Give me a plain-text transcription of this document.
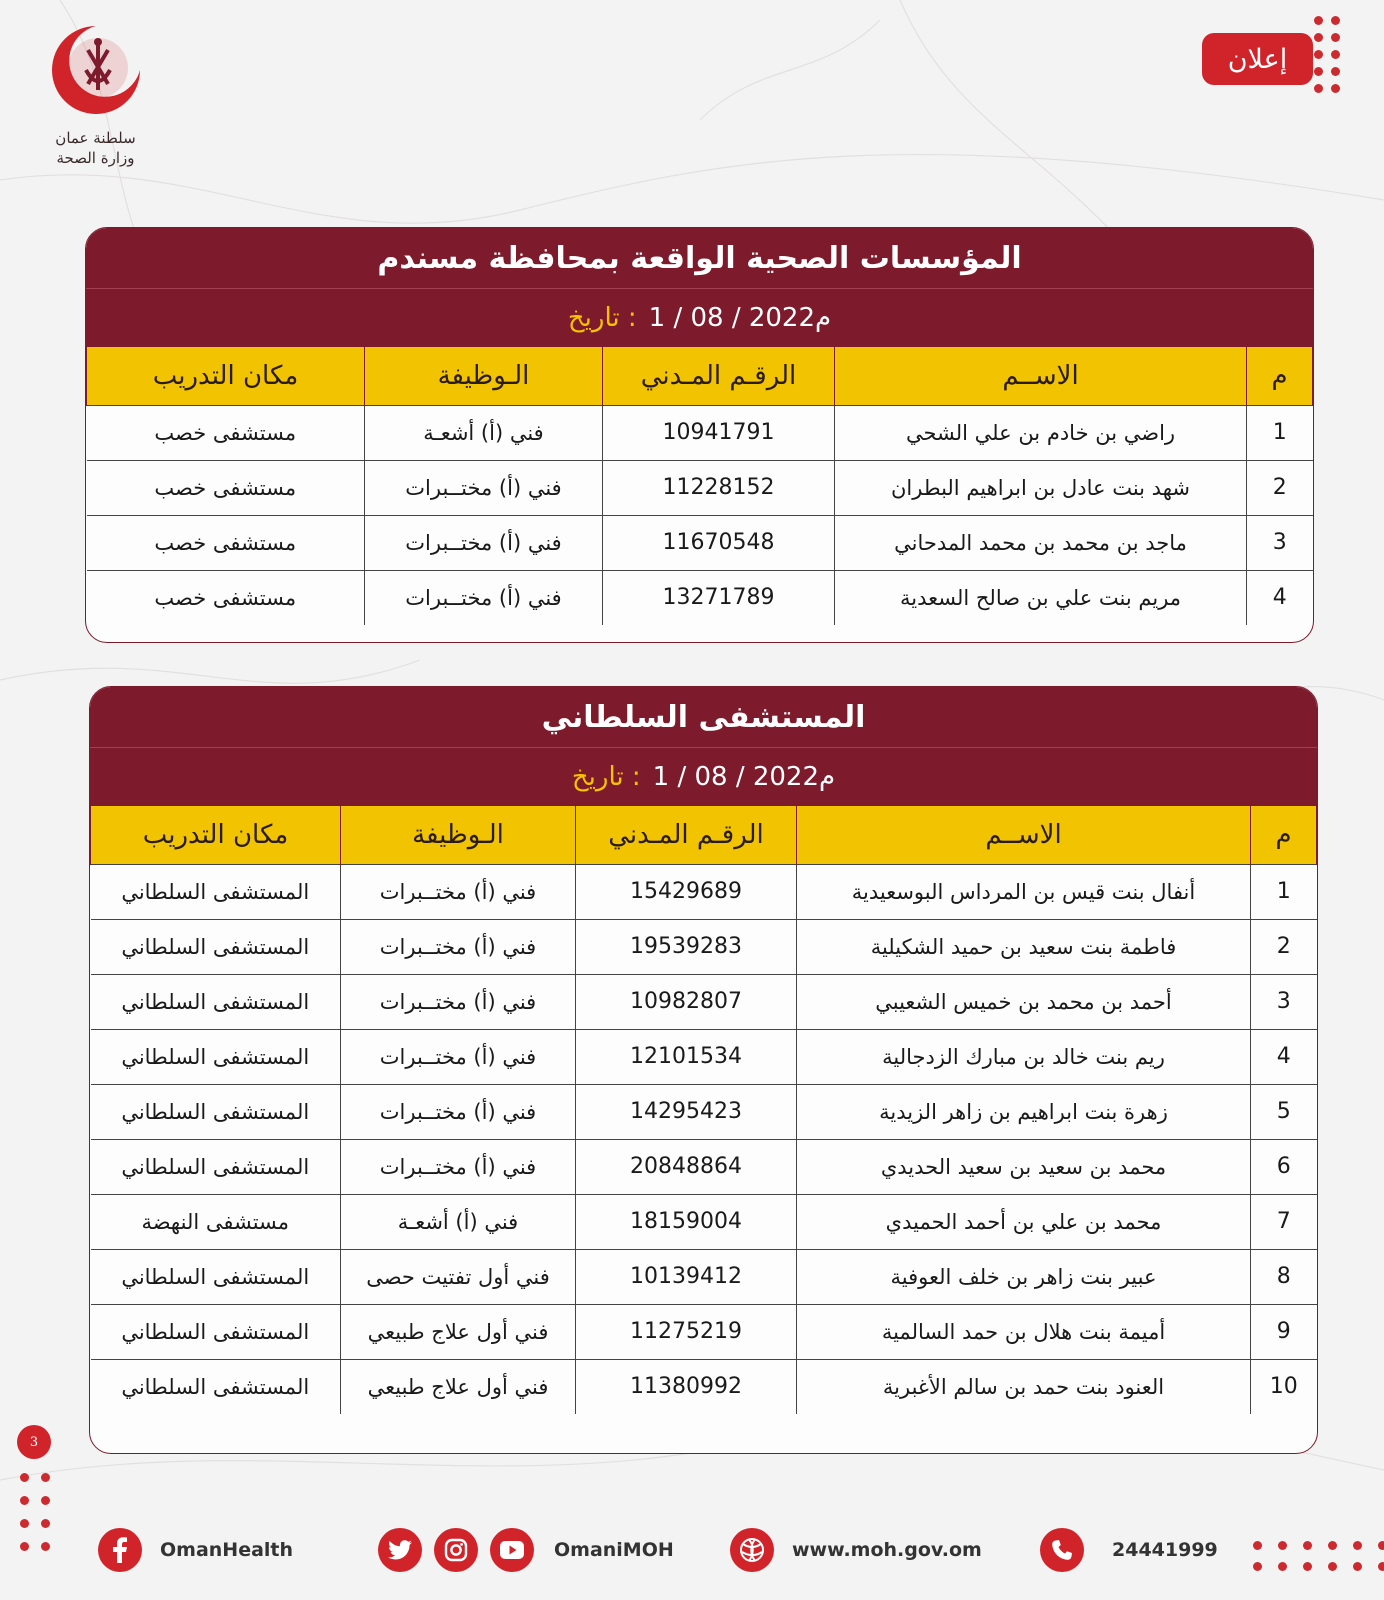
سلطنة عمان
وزارة الصحة
إعلان
المؤسسات الصحية الواقعة بمحافظة مسندم
تاريخ : 1 / 08 / 2022م
م	الاســم	الرقـم المـدني	الـوظيفة	مكان التدريب
1	راضي بن خادم بن علي الشحي	10941791	فني (أ) أشعـة	مستشفى خصب
2	شهد بنت عادل بن ابراهيم البطران	11228152	فني (أ) مختــبرات	مستشفى خصب
3	ماجد بن محمد بن محمد المدحاني	11670548	فني (أ) مختــبرات	مستشفى خصب
4	مريم بنت علي بن صالح السعدية	13271789	فني (أ) مختــبرات	مستشفى خصب
المستشفى السلطاني
تاريخ : 1 / 08 / 2022م
م	الاســم	الرقـم المـدني	الـوظيفة	مكان التدريب
1	أنفال بنت قيس بن المرداس البوسعيدية	15429689	فني (أ) مختــبرات	المستشفى السلطاني
2	فاطمة بنت سعيد بن حميد الشكيلية	19539283	فني (أ) مختــبرات	المستشفى السلطاني
3	أحمد بن محمد بن خميس الشعيبي	10982807	فني (أ) مختــبرات	المستشفى السلطاني
4	ريم بنت خالد بن مبارك الزدجالية	12101534	فني (أ) مختــبرات	المستشفى السلطاني
5	زهرة بنت ابراهيم بن زاهر الزيدية	14295423	فني (أ) مختــبرات	المستشفى السلطاني
6	محمد بن سعيد بن سعيد الحديدي	20848864	فني (أ) مختــبرات	المستشفى السلطاني
7	محمد بن علي بن أحمد الحميدي	18159004	فني (أ) أشعـة	مستشفى النهضة
8	عبير بنت زاهر بن خلف العوفية	10139412	فني أول تفتيت حصى	المستشفى السلطاني
9	أميمة بنت هلال بن حمد السالمية	11275219	فني أول علاج طبيعي	المستشفى السلطاني
10	العنود بنت حمد بن سالم الأغبرية	11380992	فني أول علاج طبيعي	المستشفى السلطاني
3
OmanHealth	OmaniMOH	www.moh.gov.om	24441999
